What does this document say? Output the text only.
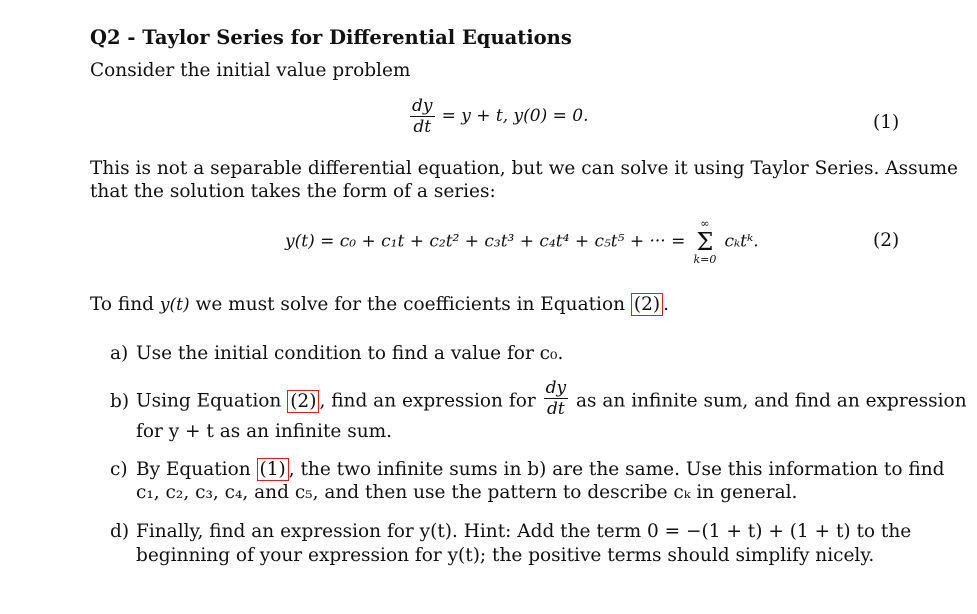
Q2 - Taylor Series for Differential Equations
Consider the initial value problem
$\frac{dy}{dt} = y + t$, y(0) = 0.	(1)
This is not a separable differential equation, but we can solve it using Taylor Series. Assume
that the solution takes the form of a series:
y(t) = c₀ + c₁t + c₂t² + c₃t³ + c₄t⁴ + c₅t⁵ + ··· =
∞
Σ
k=0
cₖtᵏ.	(2)
To find y(t) we must solve for the coefficients in Equation (2) .
a) Use the initial condition to find a value for c₀.
b) Using Equation (2) , find an expression for $\frac{dy}{dt}$ as an infinite sum, and find an expression
for y + t as an infinite sum.
c) By Equation (1) , the two infinite sums in b) are the same. Use this information to find
c₁, c₂, c₃, c₄, and c₅, and then use the pattern to describe cₖ in general.
d) Finally, find an expression for y(t). Hint: Add the term 0 = −(1 + t) + (1 + t) to the
beginning of your expression for y(t); the positive terms should simplify nicely.
